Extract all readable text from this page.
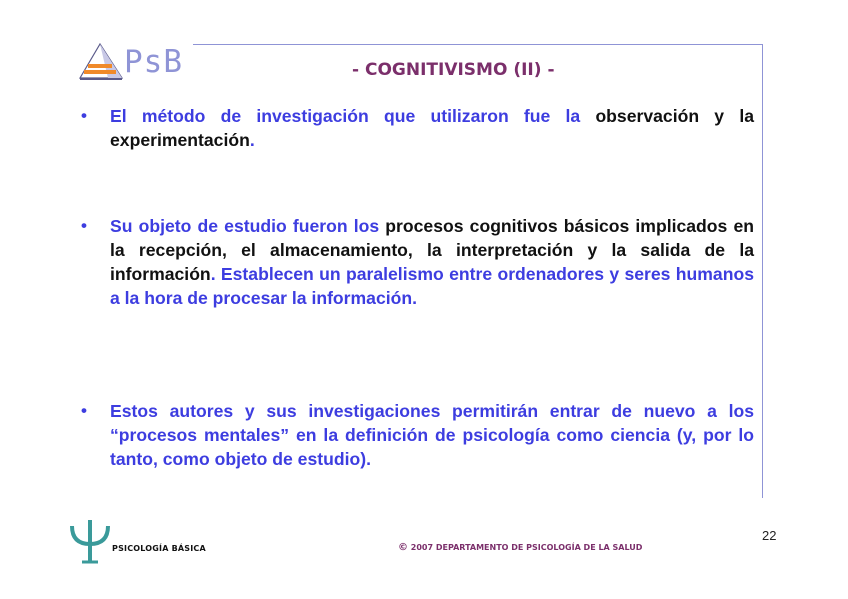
PsB	- COGNITIVISMO (II) -
• El método de investigación que utilizaron fue la observación y la experimentación.
• Su objeto de estudio fueron los procesos cognitivos básicos implicados en la recepción, el almacenamiento, la interpretación y la salida de la información. Establecen un paralelismo entre ordenadores y seres humanos a la hora de procesar la información.
• Estos autores y sus investigaciones permitirán entrar de nuevo a los “procesos mentales” en la definición de psicología como ciencia (y, por lo tanto, como objeto de estudio).
PSICOLOGÍA BÁSICA	© 2007 DEPARTAMENTO DE PSICOLOGÍA DE LA SALUD
22
